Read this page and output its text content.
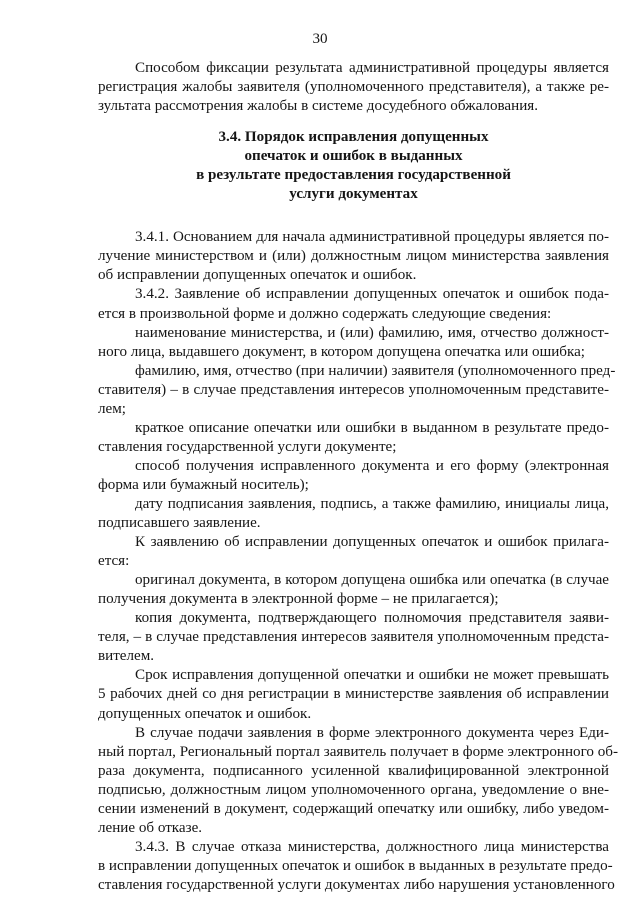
30
Способом фиксации результата административной процедуры является
регистрация жалобы заявителя (уполномоченного представителя), а также ре-
зультата рассмотрения жалобы в системе досудебного обжалования.
3.4. Порядок исправления допущенных
опечаток и ошибок в выданных
в результате предоставления государственной
услуги документах
3.4.1. Основанием для начала административной процедуры является по-
лучение министерством и (или) должностным лицом министерства заявления
об исправлении допущенных опечаток и ошибок.
3.4.2. Заявление об исправлении допущенных опечаток и ошибок пода-
ется в произвольной форме и должно содержать следующие сведения:
наименование министерства, и (или) фамилию, имя, отчество должност-
ного лица, выдавшего документ, в котором допущена опечатка или ошибка;
фамилию, имя, отчество (при наличии) заявителя (уполномоченного пред-
ставителя) – в случае представления интересов уполномоченным представите-
лем;
краткое описание опечатки или ошибки в выданном в результате предо-
ставления государственной услуги документе;
способ получения исправленного документа и его форму (электронная
форма или бумажный носитель);
дату подписания заявления, подпись, а также фамилию, инициалы лица,
подписавшего заявление.
К заявлению об исправлении допущенных опечаток и ошибок прилага-
ется:
оригинал документа, в котором допущена ошибка или опечатка (в случае
получения документа в электронной форме – не прилагается);
копия документа, подтверждающего полномочия представителя заяви-
теля, – в случае представления интересов заявителя уполномоченным предста-
вителем.
Срок исправления допущенной опечатки и ошибки не может превышать
5 рабочих дней со дня регистрации в министерстве заявления об исправлении
допущенных опечаток и ошибок.
В случае подачи заявления в форме электронного документа через Еди-
ный портал, Региональный портал заявитель получает в форме электронного об-
раза документа, подписанного усиленной квалифицированной электронной
подписью, должностным лицом уполномоченного органа, уведомление о вне-
сении изменений в документ, содержащий опечатку или ошибку, либо уведом-
ление об отказе.
3.4.3. В случае отказа министерства, должностного лица министерства
в исправлении допущенных опечаток и ошибок в выданных в результате предо-
ставления государственной услуги документах либо нарушения установленного
